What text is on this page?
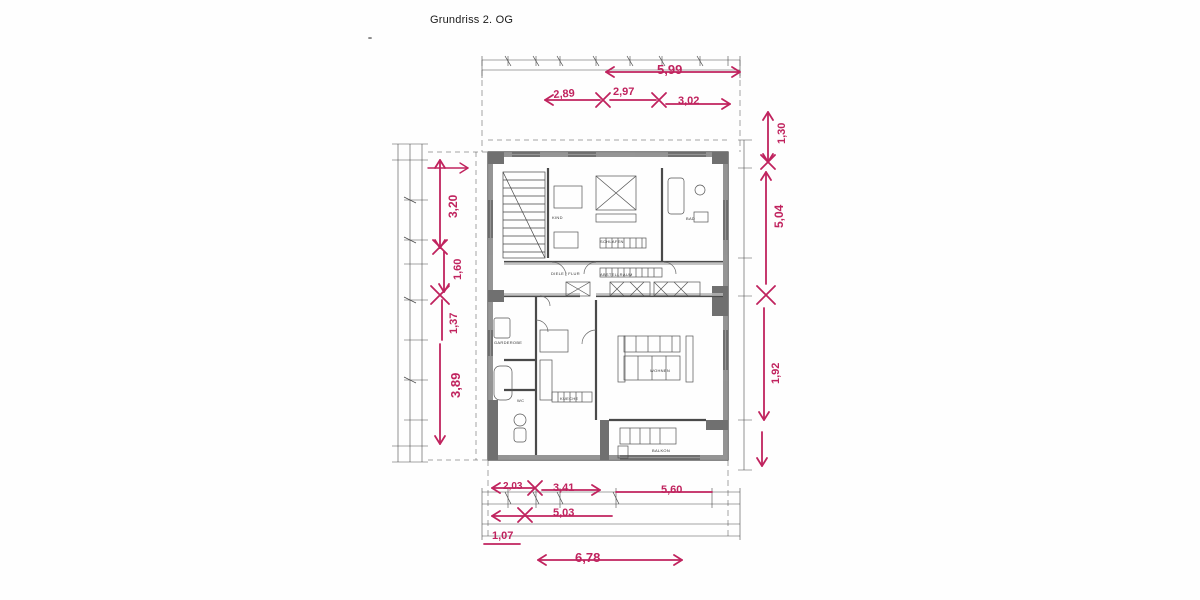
Grundriss 2. OG
5,99
2,89	2,97
3,02
1,30
5,04
1,92
3,20
1,60
1,37
3,89
2,03	3,41	5,60
5,03
1,07
6,78
KIND
SCHLAFEN
BAD
DIELE / FLUR	ABSTELLRAUM
GARDEROBE
WC
WOHNEN
KUECHE
BALKON
